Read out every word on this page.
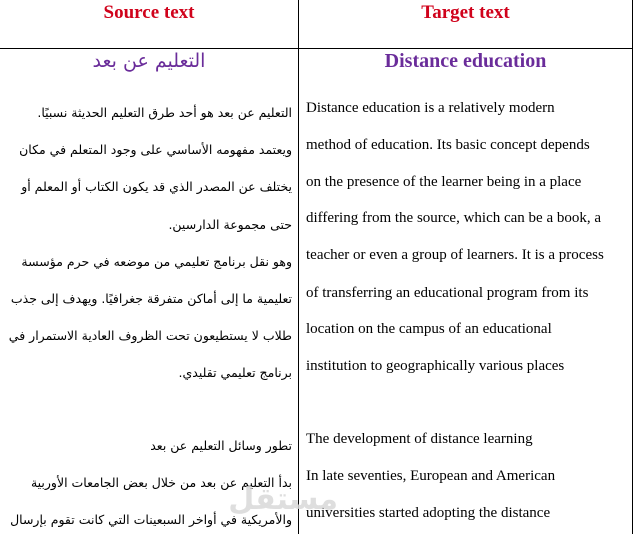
Source text	Target text
التعليم عن بعد	Distance education
التعليم عن بعد هو أحد طرق التعليم الحديثة نسبيًا.
ويعتمد مفهومه الأساسي على وجود المتعلم في مكان
يختلف عن المصدر الذي قد يكون الكتاب أو المعلم أو
حتى مجموعة الدارسين.
وهو نقل برنامج تعليمي من موضعه في حرم مؤسسة
تعليمية ما إلى أماكن متفرقة جغرافيًا. ويهدف إلى جذب
طلاب لا يستطيعون تحت الظروف العادية الاستمرار في
برنامج تعليمي تقليدي.
تطور وسائل التعليم عن بعد
بدأ التعليم عن بعد من خلال بعض الجامعات الأوربية
والأمريكية في أواخر السبعينات التي كانت تقوم بإرسال
Distance education is a relatively modern
method of education. Its basic concept depends
on the presence of the learner being in a place
differing from the source, which can be a book, a
teacher or even a group of learners. It is a process
of transferring an educational program from its
location on the campus of an educational
institution to geographically various places
The development of distance learning
In late seventies, European and American
universities started adopting the distance
مستقل
